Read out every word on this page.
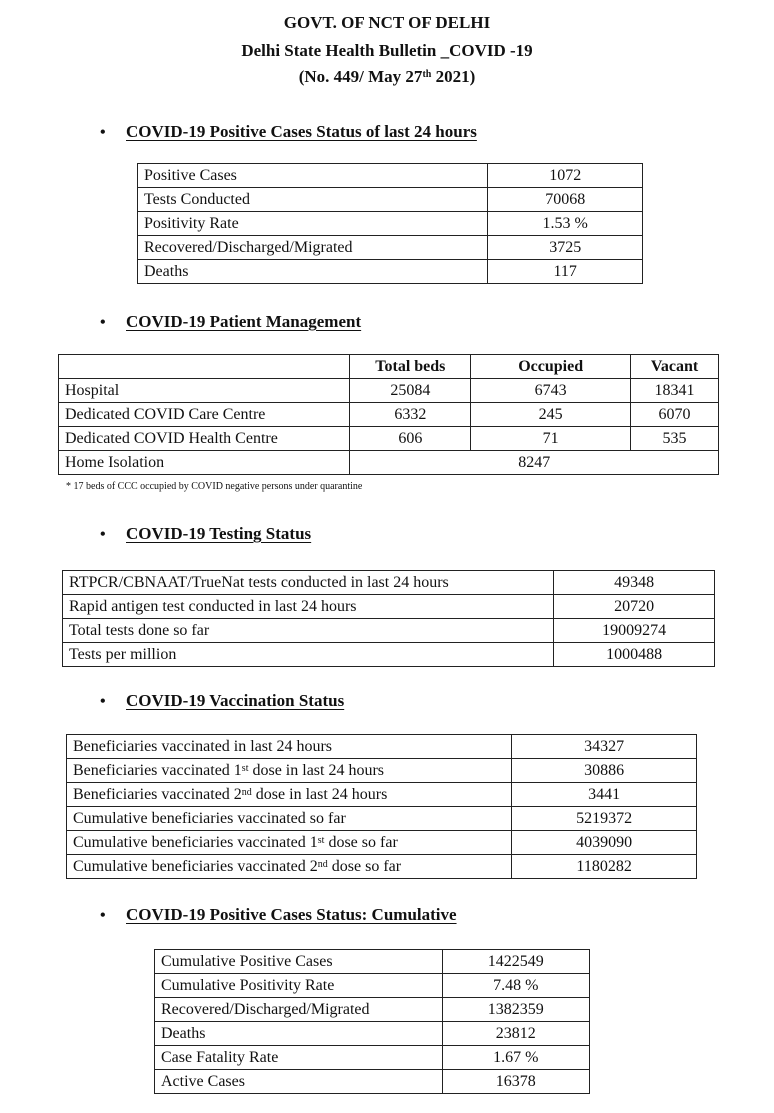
GOVT. OF NCT OF DELHI
Delhi State Health Bulletin _COVID -19
(No. 449/ May 27th 2021)
• COVID-19 Positive Cases Status of last 24 hours
Positive Cases	1072
Tests Conducted	70068
Positivity Rate	1.53 %
Recovered/Discharged/Migrated	3725
Deaths	117
• COVID-19 Patient Management
	Total beds	Occupied	Vacant
Hospital	25084	6743	18341
Dedicated COVID Care Centre	6332	245	6070
Dedicated COVID Health Centre	606	71	535
Home Isolation	8247		
* 17 beds of CCC occupied by COVID negative persons under quarantine
• COVID-19 Testing Status
RTPCR/CBNAAT/TrueNat tests conducted in last 24 hours	49348
Rapid antigen test conducted in last 24 hours	20720
Total tests done so far	19009274
Tests per million	1000488
• COVID-19 Vaccination Status
Beneficiaries vaccinated in last 24 hours	34327
Beneficiaries vaccinated 1st dose in last 24 hours	30886
Beneficiaries vaccinated 2nd dose in last 24 hours	3441
Cumulative beneficiaries vaccinated so far	5219372
Cumulative beneficiaries vaccinated 1st dose so far	4039090
Cumulative beneficiaries vaccinated 2nd dose so far	1180282
• COVID-19 Positive Cases Status: Cumulative
Cumulative Positive Cases	1422549
Cumulative Positivity Rate	7.48 %
Recovered/Discharged/Migrated	1382359
Deaths	23812
Case Fatality Rate	1.67 %
Active Cases	16378
